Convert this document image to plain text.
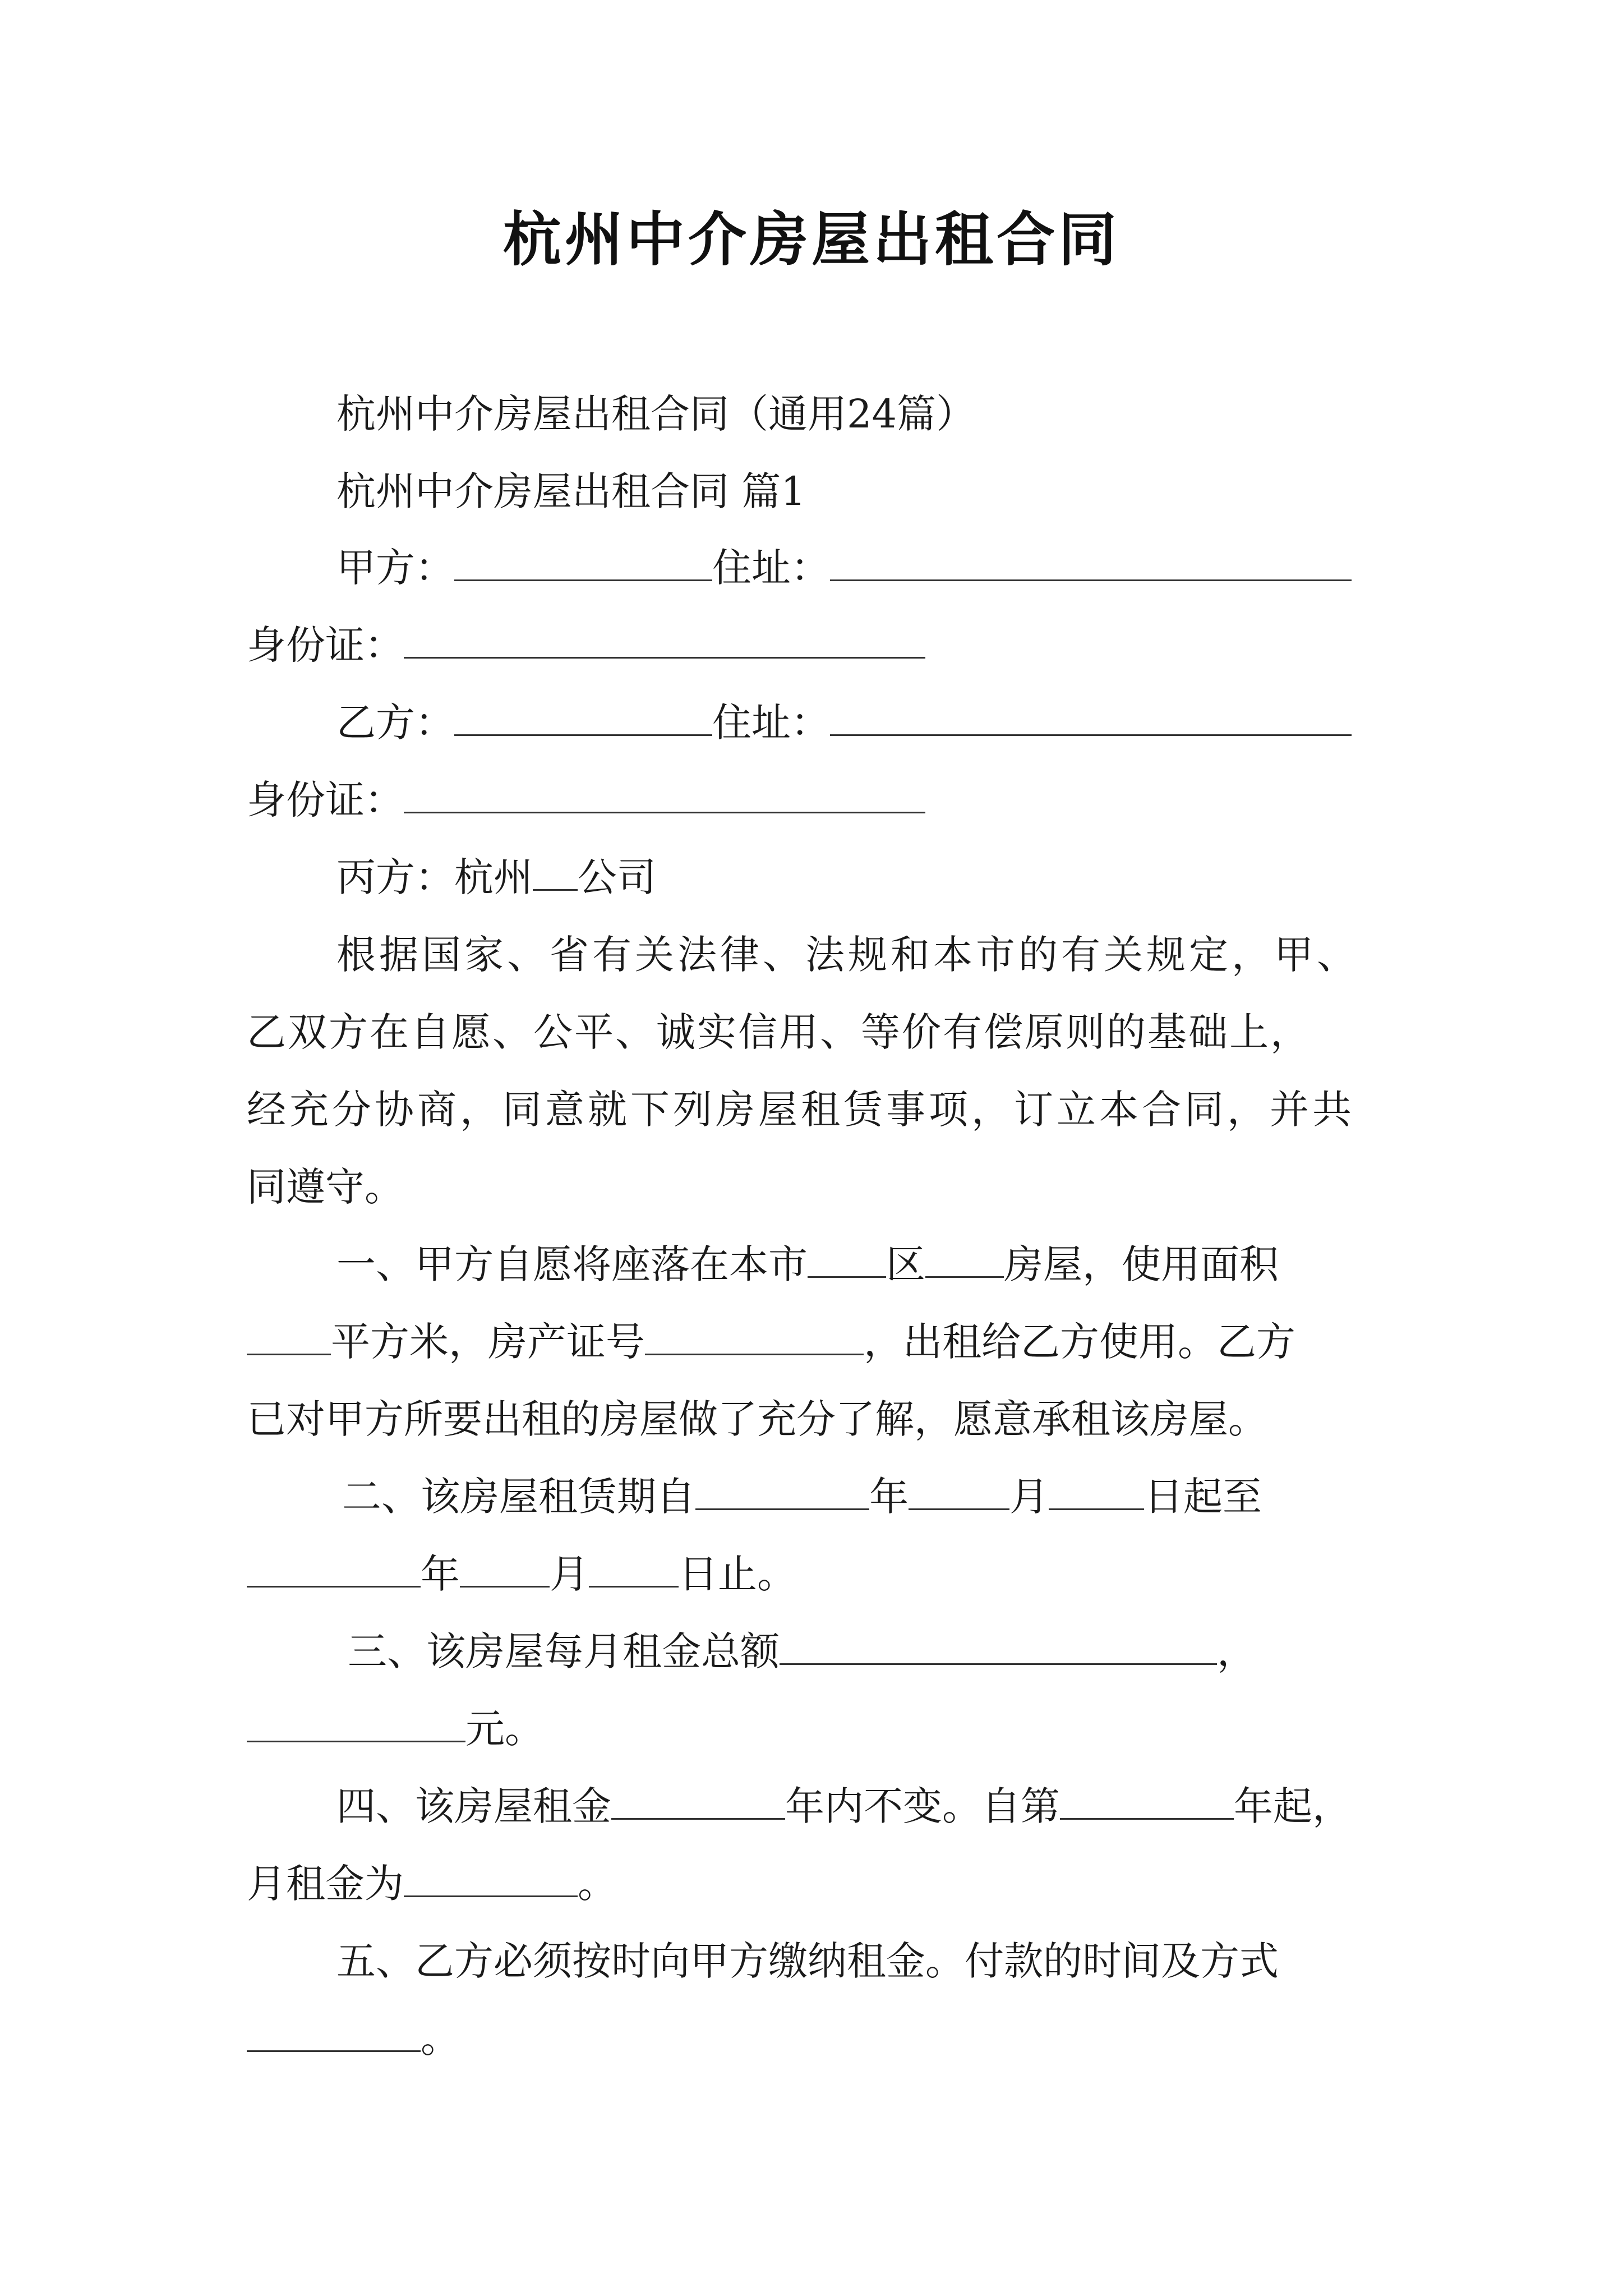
杭州中介房屋出租合同
杭州中介房屋出租合同（通用24篇）
杭州中介房屋出租合同 篇1
甲方：	住址：
身份证：
乙方：	住址：
身份证：
丙方：杭州 公司
根据国家、省有关法律、法规和本市的有关规定，甲、
乙双方在自愿、公平、诚实信用、等价有偿原则的基础上，
经充分协商，同意就下列房屋租赁事项，订立本合同，并共
同遵守。
一、甲方自愿将座落在本市 区 房屋，使用面积
平方米，房产证号	，出租给乙方使用。乙方
已对甲方所要出租的房屋做了充分了解，愿意承租该房屋。
二、该房屋租赁期自	年	月 日起至
年 月 日止。
三、该房屋每月租金总额	，
元。
四、该房屋租金	年内不变。自第	年起，
月租金为	。
五、乙方必须按时向甲方缴纳租金。付款的时间及方式
。
